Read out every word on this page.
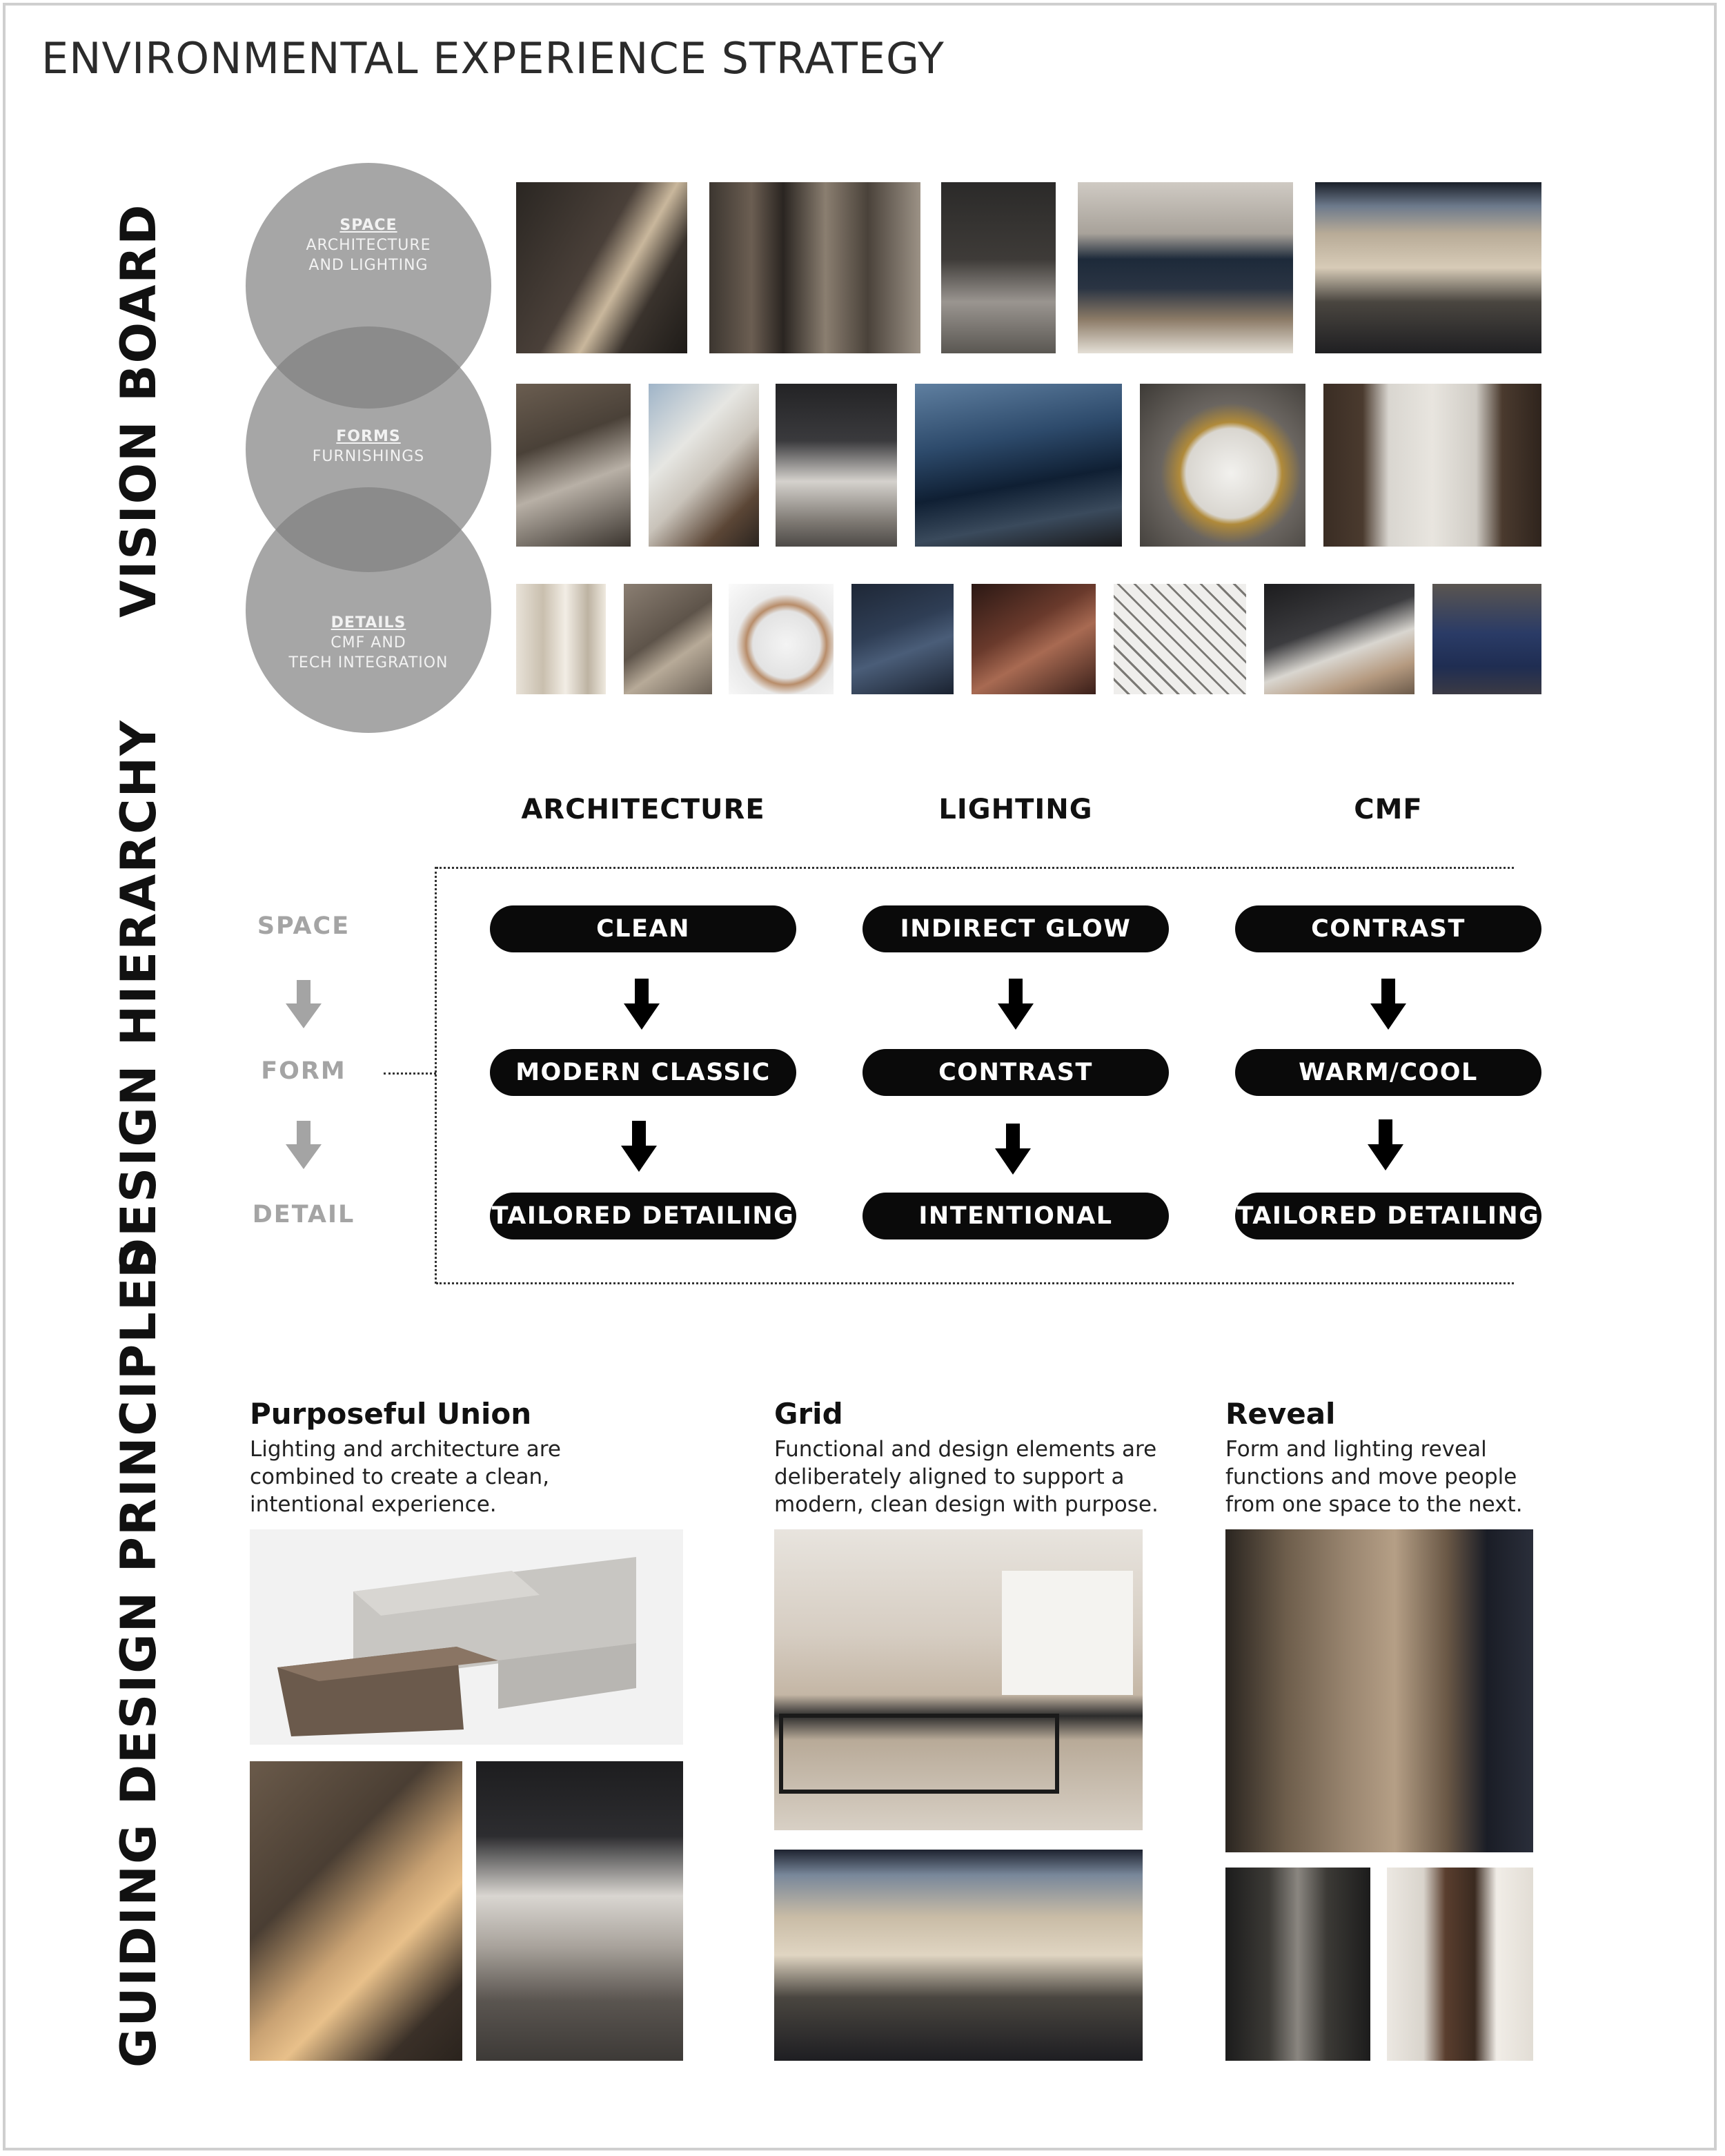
ENVIRONMENTAL EXPERIENCE STRATEGY
VISION BOARD
DESIGN HIERARCHY
GUIDING DESIGN PRINCIPLES
SPACE
ARCHITECTURE
AND LIGHTING
FORMS
FURNISHINGS
DETAILS
CMF AND
TECH INTEGRATION
ARCHITECTURE	LIGHTING	CMF
SPACE
FORM
DETAIL
CLEAN	INDIRECT GLOW	CONTRAST
MODERN CLASSIC	CONTRAST	WARM/COOL
TAILORED DETAILING	INTENTIONAL	TAILORED DETAILING
Purposeful Union
Lighting and architecture are
combined to create a clean,
intentional experience.
Grid
Functional and design elements are
deliberately aligned to support a
modern, clean design with purpose.
Reveal
Form and lighting reveal
functions and move people
from one space to the next.
